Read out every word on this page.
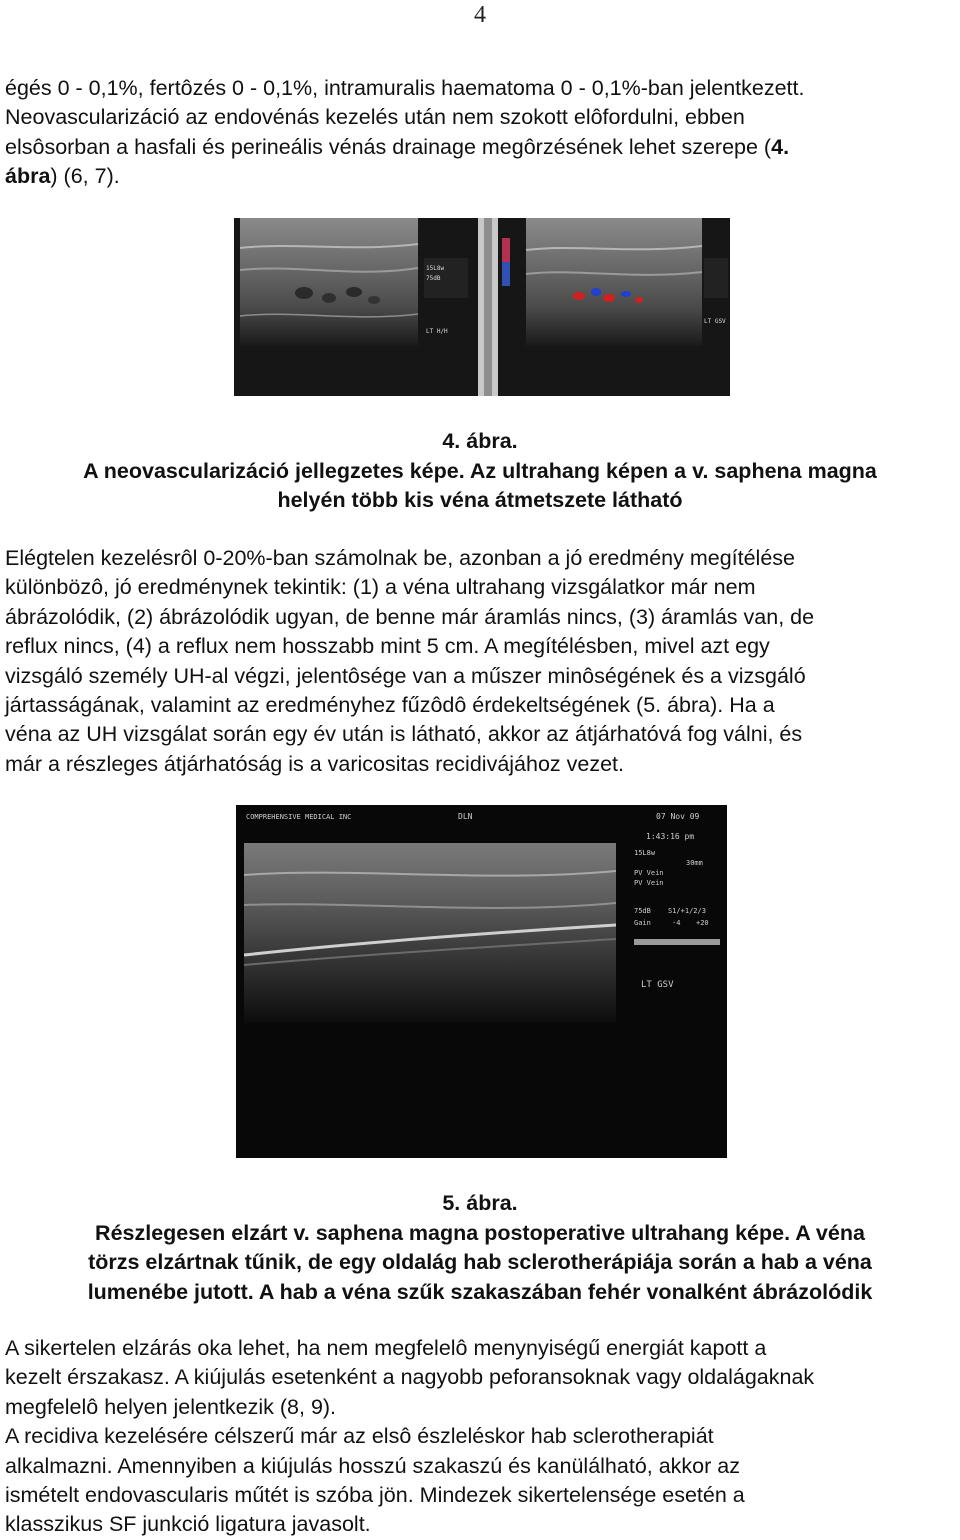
4
égés 0 - 0,1%, fertôzés 0 - 0,1%, intramuralis haematoma 0 - 0,1%-ban jelentkezett.
Neovascularizáció az endovénás kezelés után nem szokott elôfordulni, ebben
elsôsorban a hasfali és perineális vénás drainage megôrzésének lehet szerepe (4.
ábra) (6, 7).
15L8w
75dB
LT H/H
LT GSV
4. ábra.
A neovascularizáció jellegzetes képe. Az ultrahang képen a v. saphena magna
helyén több kis véna átmetszete látható
Elégtelen kezelésrôl 0-20%-ban számolnak be, azonban a jó eredmény megítélése
különbözô, jó eredménynek tekintik: (1) a véna ultrahang vizsgálatkor már nem
ábrázolódik, (2) ábrázolódik ugyan, de benne már áramlás nincs, (3) áramlás van, de
reflux nincs, (4) a reflux nem hosszabb mint 5 cm. A megítélésben, mivel azt egy
vizsgáló személy UH-al végzi, jelentôsége van a műszer minôségének és a vizsgáló
jártasságának, valamint az eredményhez fűzôdô érdekeltségének (5. ábra). Ha a
véna az UH vizsgálat során egy év után is látható, akkor az átjárhatóvá fog válni, és
már a részleges átjárhatóság is a varicositas recidivájához vezet.
COMPREHENSIVE MEDICAL INC	DLN	07 Nov 09
1:43:16 pm
15L8w
30mm
PV Vein
PV Vein
75dB S1/+1/2/3
Gain	-4 +20
LT GSV
5. ábra.
Részlegesen elzárt v. saphena magna postoperative ultrahang képe. A véna
törzs elzártnak tűnik, de egy oldalág hab sclerotherápiája során a hab a véna
lumenébe jutott. A hab a véna szűk szakaszában fehér vonalként ábrázolódik
A sikertelen elzárás oka lehet, ha nem megfelelô menynyiségű energiát kapott a
kezelt érszakasz. A kiújulás esetenként a nagyobb peforansoknak vagy oldalágaknak
megfelelô helyen jelentkezik (8, 9).
A recidiva kezelésére célszerű már az elsô észleléskor hab sclerotherapiát
alkalmazni. Amennyiben a kiújulás hosszú szakaszú és kanülálható, akkor az
ismételt endovascularis műtét is szóba jön. Mindezek sikertelensége esetén a
klasszikus SF junkció ligatura javasolt.
